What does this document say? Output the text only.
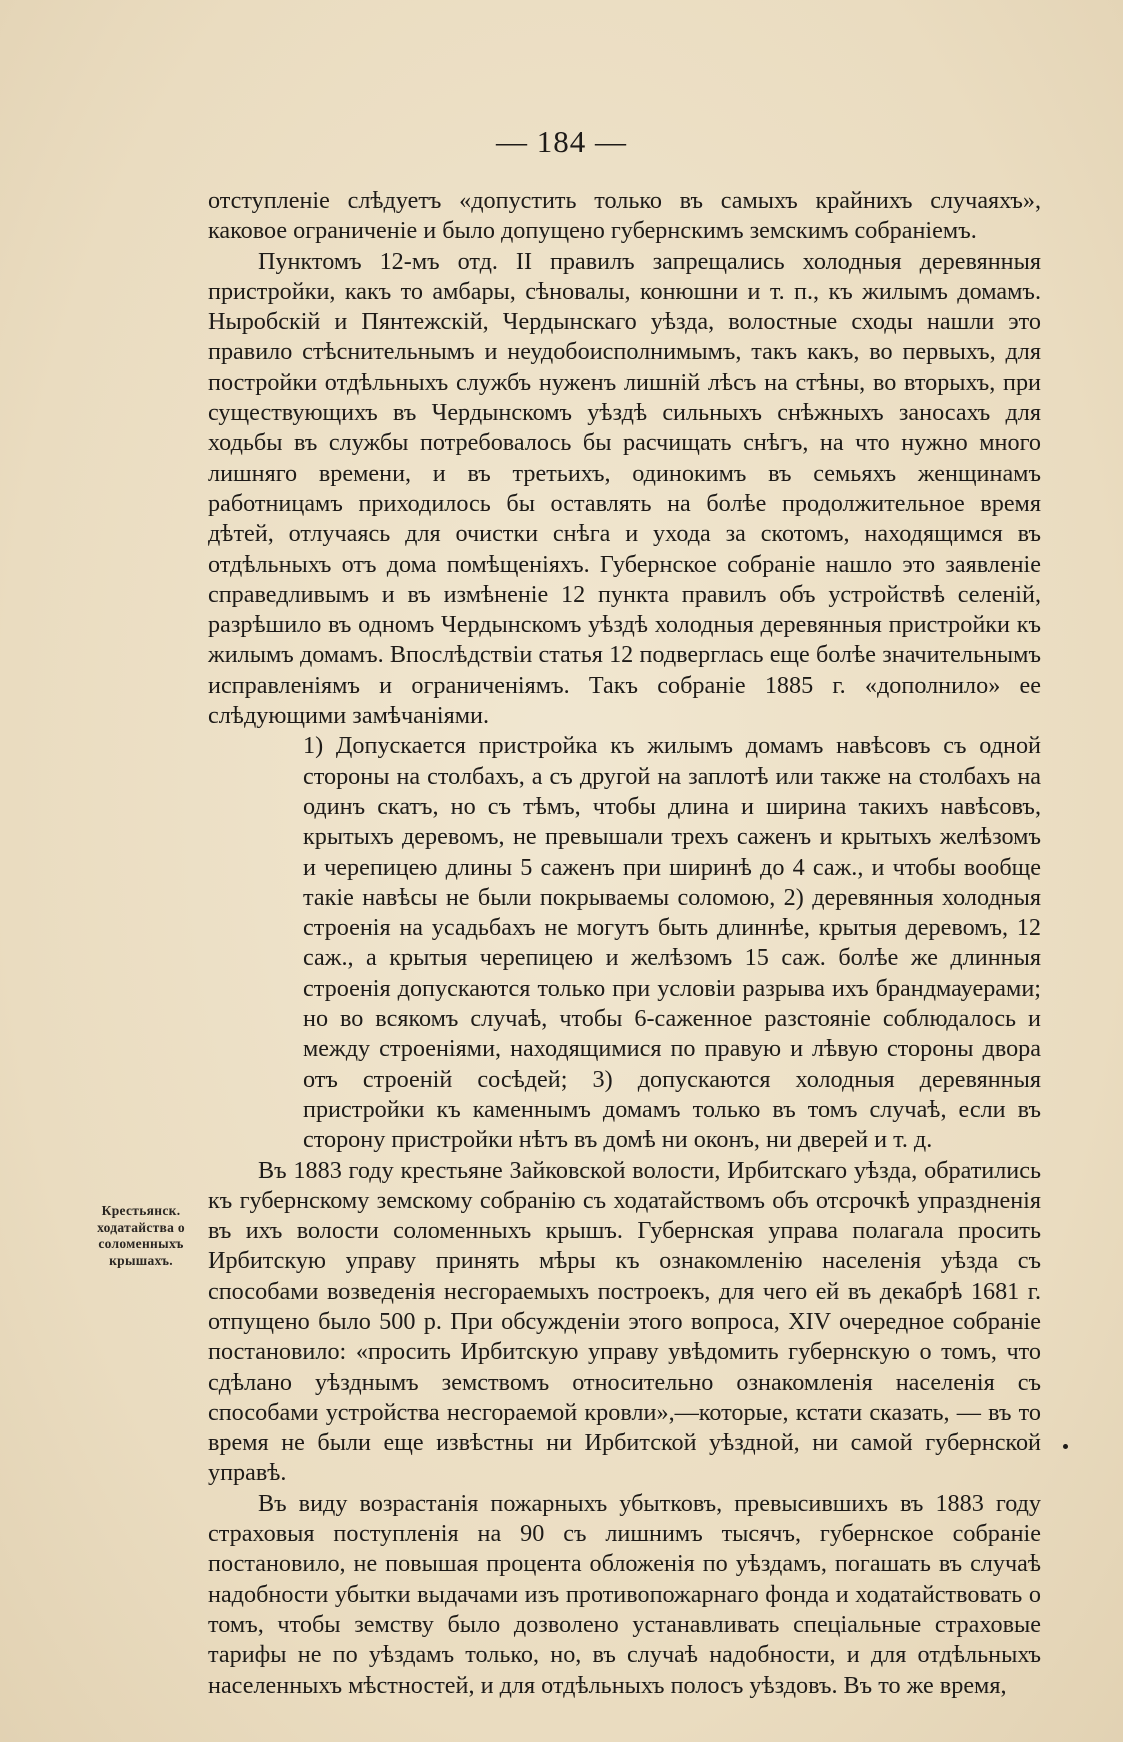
— 184 —

отступленіе слѣдуетъ «допустить только въ самыхъ крайнихъ случаяхъ», каковое ограниченіе и было допущено губернскимъ земскимъ собраніемъ.

Пунктомъ 12-мъ отд. II правилъ запрещались холодныя деревянныя пристройки, какъ то амбары, сѣновалы, конюшни и т. п., къ жилымъ домамъ. Ныробскій и Пянтежскій, Чердынскаго уѣзда, волостные сходы нашли это правило стѣснительнымъ и неудобоисполнимымъ, такъ какъ, во первыхъ, для постройки отдѣльныхъ службъ нуженъ лишній лѣсъ на стѣны, во вторыхъ, при существующихъ въ Чердынскомъ уѣздѣ сильныхъ снѣжныхъ заносахъ для ходьбы въ службы потребовалось бы расчищать снѣгъ, на что нужно много лишняго времени, и въ третьихъ, одинокимъ въ семьяхъ женщинамъ работницамъ приходилось бы оставлять на болѣе продолжительное время дѣтей, отлучаясь для очистки снѣга и ухода за скотомъ, находящимся въ отдѣльныхъ отъ дома помѣщеніяхъ. Губернское собраніе нашло это заявленіе справедливымъ и въ измѣненіе 12 пункта правилъ объ устройствѣ селеній, разрѣшило въ одномъ Чердынскомъ уѣздѣ холодныя деревянныя пристройки къ жилымъ домамъ. Впослѣдствіи статья 12 подверглась еще болѣе значительнымъ исправленіямъ и ограниченіямъ. Такъ собраніе 1885 г. «дополнило» ее слѣдующими замѣчаніями.

1) Допускается пристройка къ жилымъ домамъ навѣсовъ съ одной стороны на столбахъ, а съ другой на заплотѣ или также на столбахъ на одинъ скатъ, но съ тѣмъ, чтобы длина и ширина такихъ навѣсовъ, крытыхъ деревомъ, не превышали трехъ саженъ и крытыхъ желѣзомъ и черепицею длины 5 саженъ при ширинѣ до 4 саж., и чтобы вообще такіе навѣсы не были покрываемы соломою, 2) деревянныя холодныя строенія на усадьбахъ не могутъ быть длиннѣе, крытыя деревомъ, 12 саж., а крытыя черепицею и желѣзомъ 15 саж. болѣе же длинныя строенія допускаются только при условіи разрыва ихъ брандмауерами; но во всякомъ случаѣ, чтобы 6-саженное разстояніе соблюдалось и между строеніями, находящимися по правую и лѣвую стороны двора отъ строеній сосѣдей; 3) допускаются холодныя деревянныя пристройки къ каменнымъ домамъ только въ томъ случаѣ, если въ сторону пристройки нѣтъ въ домѣ ни оконъ, ни дверей и т. д.

Въ 1883 году крестьяне Зайковской волости, Ирбитскаго уѣзда, обратились къ губернскому земскому собранію съ ходатайствомъ объ отсрочкѣ упраздненія въ ихъ волости соломенныхъ крышъ. Губернская управа полагала просить Ирбитскую управу принять мѣры къ ознакомленію населенія уѣзда съ способами возведенія несгораемыхъ построекъ, для чего ей въ декабрѣ 1681 г. отпущено было 500 р. При обсужденіи этого вопроса, XIV очередное собраніе постановило: «просить Ирбитскую управу увѣдомить губернскую о томъ, что сдѣлано уѣзднымъ земствомъ относительно ознакомленія населенія съ способами устройства несгораемой кровли»,—которые, кстати сказать, — въ то время не были еще извѣстны ни Ирбитской уѣздной, ни самой губернской управѣ.

Въ виду возрастанія пожарныхъ убытковъ, превысившихъ въ 1883 году страховыя поступленія на 90 съ лишнимъ тысячъ, губернское собраніе постановило, не повышая процента обложенія по уѣздамъ, погашать въ случаѣ надобности убытки выдачами изъ противопожарнаго фонда и ходатайствовать о томъ, чтобы земству было дозволено устанавливать спеціальные страховые тарифы не по уѣздамъ только, но, въ случаѣ надобности, и для отдѣльныхъ населенныхъ мѣстностей, и для отдѣльныхъ полосъ уѣздовъ. Въ то же время,

Крестьянск.
ходатайства о
соломенныхъ
крышахъ.
